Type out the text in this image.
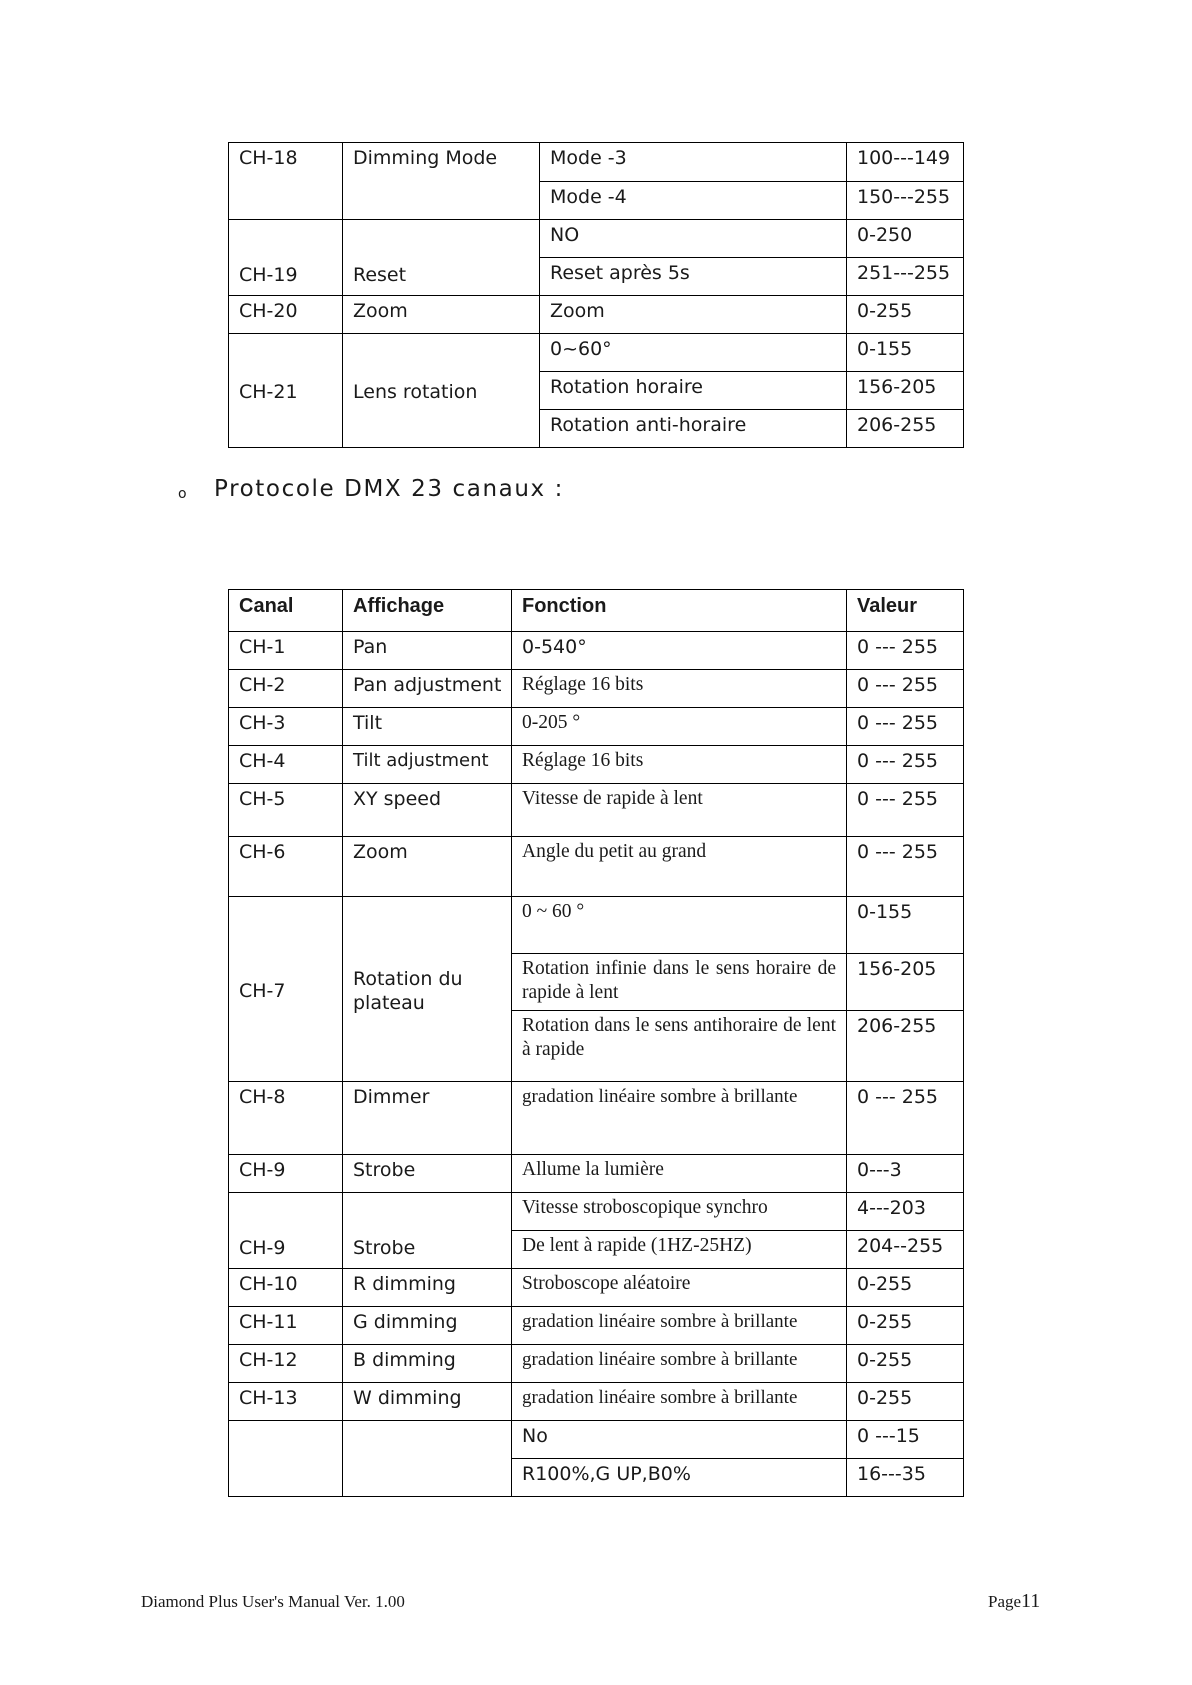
CH-18	Dimming Mode	Mode -3	100---149
		Mode -4	150---255
CH-19	Reset	NO	0-250
		Reset après 5s	251---255
CH-20	Zoom	Zoom	0-255
CH-21	Lens rotation	0~60°	0-155
		Rotation horaire	156-205
		Rotation anti-horaire	206-255
o Protocole DMX 23 canaux :
Canal	Affichage	Fonction	Valeur
CH-1	Pan	0-540°	0 --- 255
CH-2	Pan adjustment	Réglage 16 bits	0 --- 255
CH-3	Tilt	0-205 °	0 --- 255
CH-4	Tilt adjustment	Réglage 16 bits	0 --- 255
CH-5	XY speed	Vitesse de rapide à lent	0 --- 255
CH-6	Zoom	Angle du petit au grand	0 --- 255
CH-7	Rotation du plateau	0 ~ 60 °	0-155
		Rotation infinie dans le sens horaire de rapide à lent	156-205
		Rotation dans le sens antihoraire de lent à rapide	206-255
CH-8	Dimmer	gradation linéaire sombre à brillante	0 --- 255
CH-9	Strobe	Allume la lumière	0---3
CH-9	Strobe	Vitesse stroboscopique synchro	4---203
		De lent à rapide (1HZ-25HZ)	204--255
CH-10	R dimming	Stroboscope aléatoire	0-255
CH-11	G dimming	gradation linéaire sombre à brillante	0-255
CH-12	B dimming	gradation linéaire sombre à brillante	0-255
CH-13	W dimming	gradation linéaire sombre à brillante	0-255
		No	0 ---15
		R100%,G UP,B0%	16---35
Diamond Plus User's Manual Ver. 1.00	Page11
